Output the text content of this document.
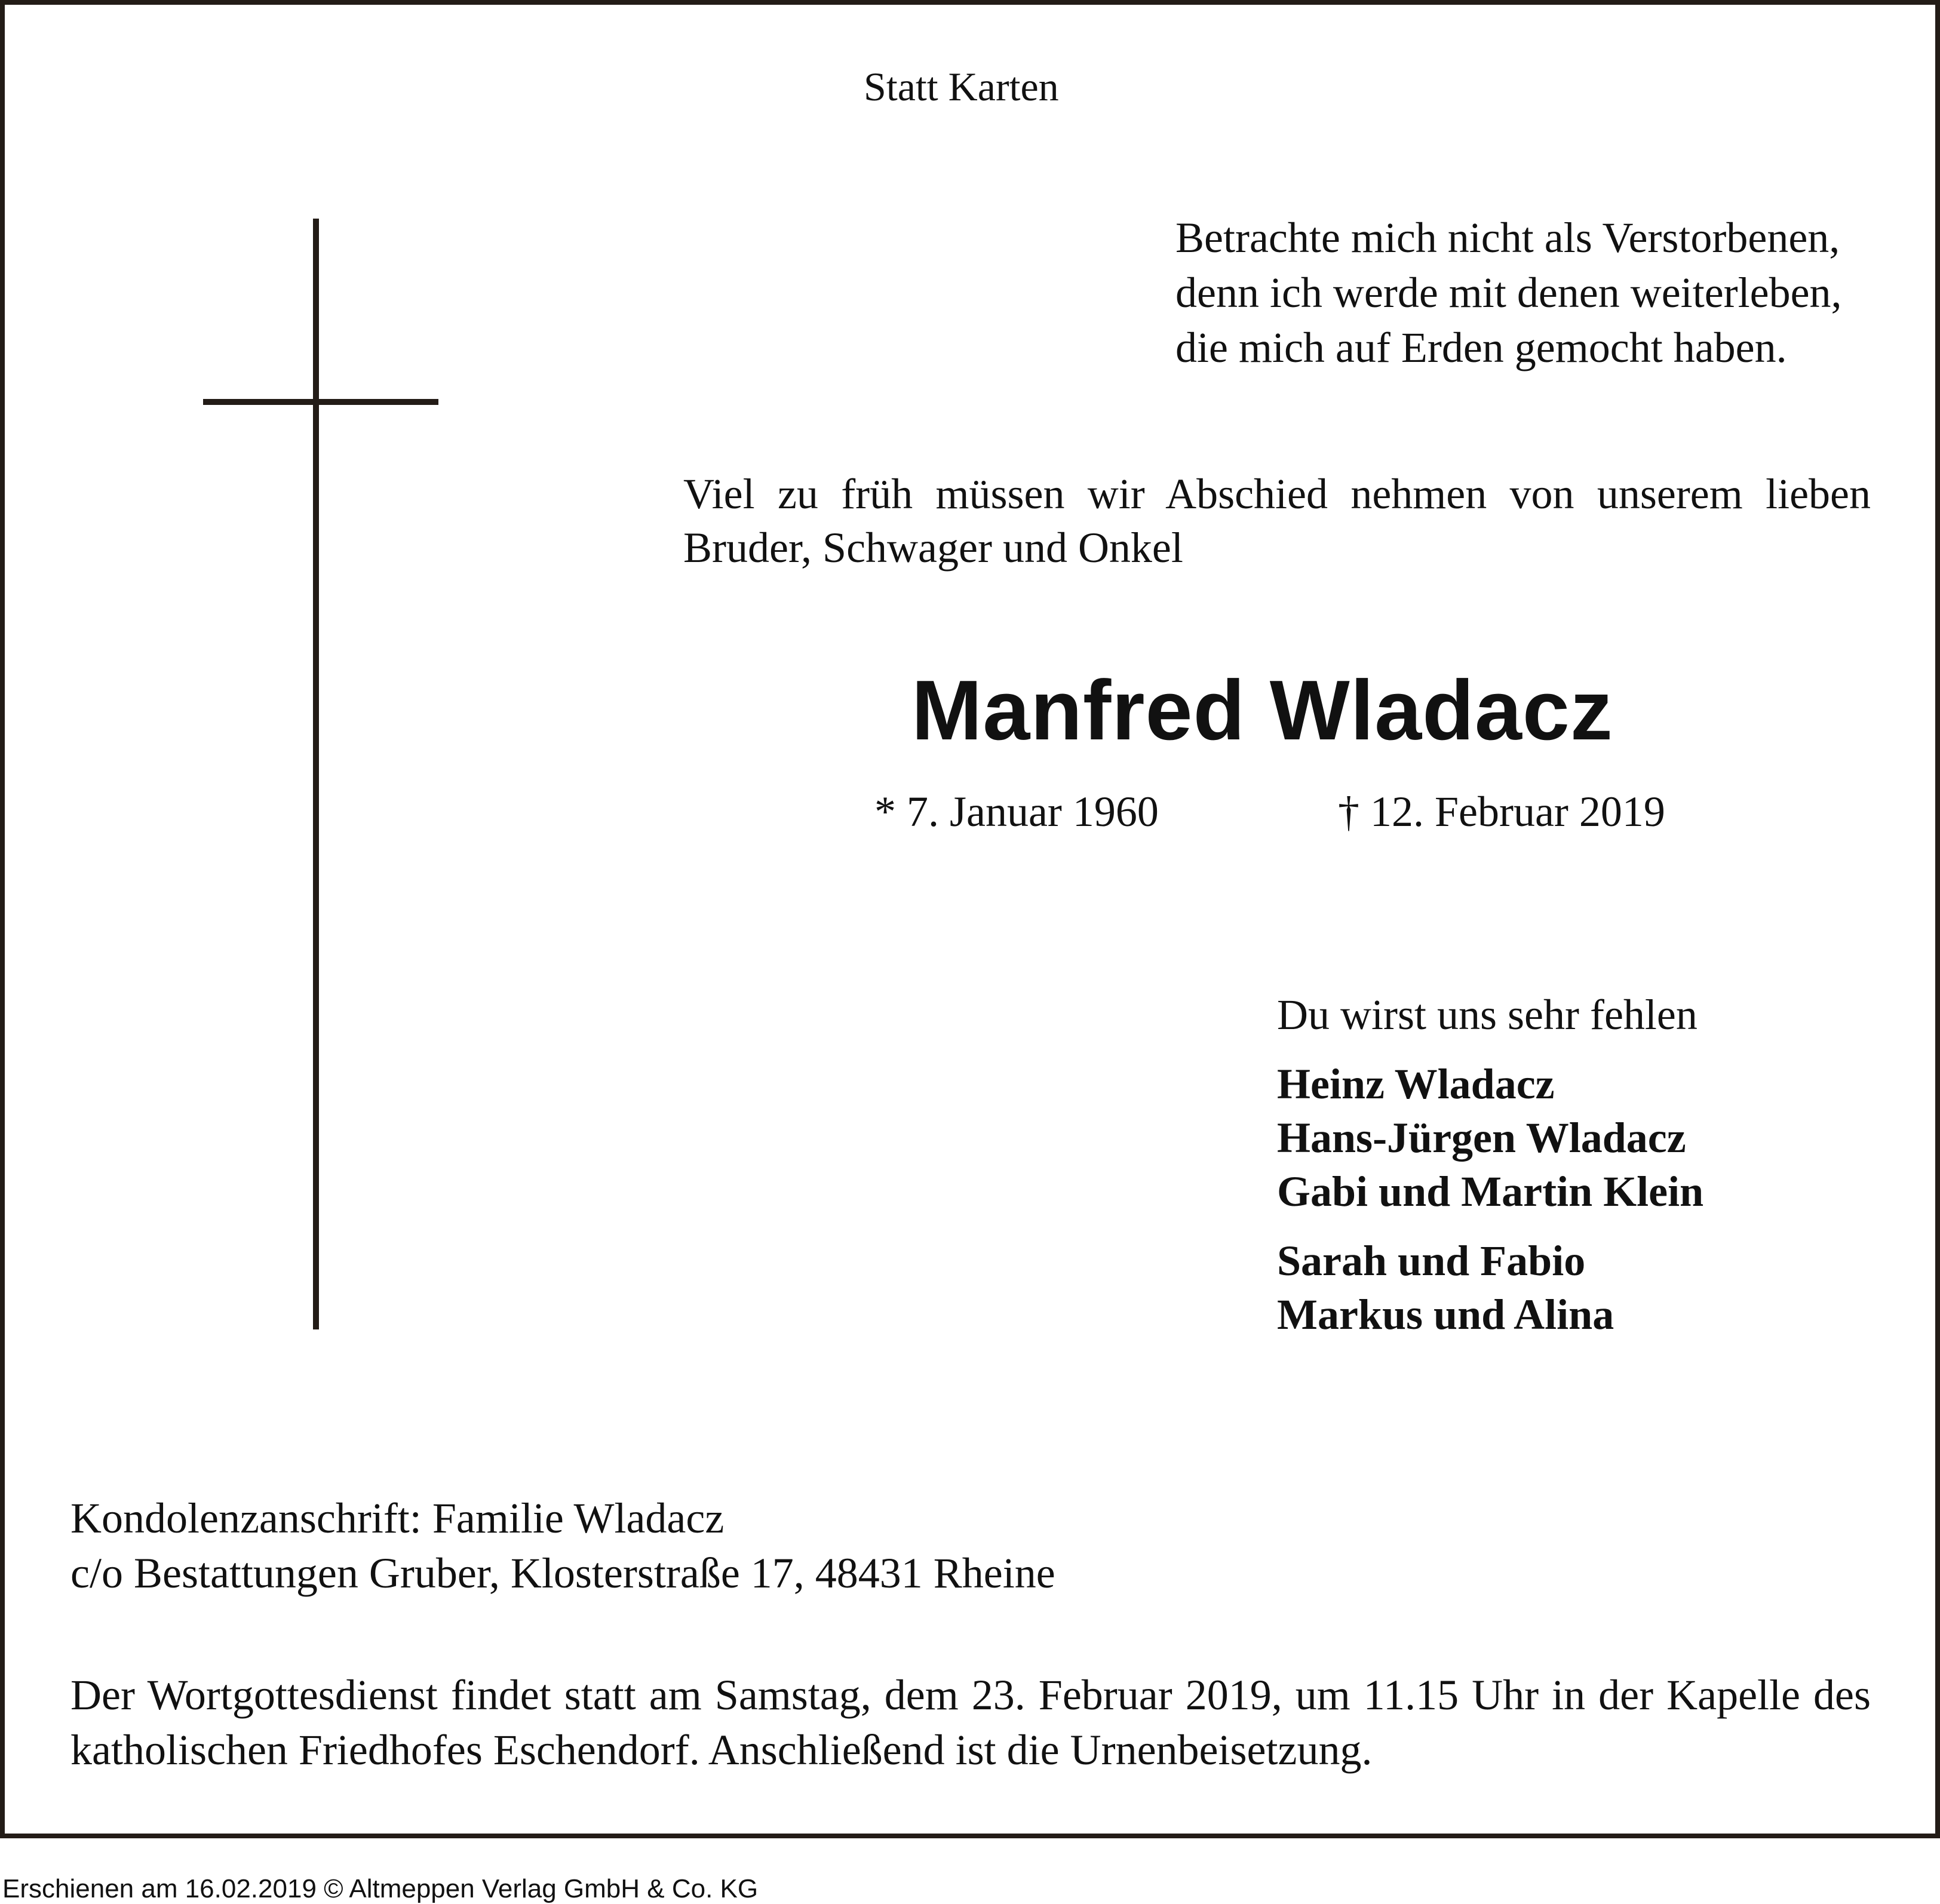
Statt Karten
Betrachte mich nicht als Verstorbenen,
denn ich werde mit denen weiterleben,
die mich auf Erden gemocht haben.
Viel zu früh müssen wir Abschied nehmen von unserem lieben
Bruder, Schwager und Onkel
Manfred Wladacz
* 7. Januar 1960	† 12. Februar 2019
Du wirst uns sehr fehlen
Heinz Wladacz
Hans-Jürgen Wladacz
Gabi und Martin Klein
Sarah und Fabio
Markus und Alina
Kondolenzanschrift: Familie Wladacz
c/o Bestattungen Gruber, Klosterstraße 17, 48431 Rheine
Der Wortgottesdienst findet statt am Samstag, dem 23. Februar 2019, um 11.15 Uhr in der Kapelle des
katholischen Friedhofes Eschendorf. Anschließend ist die Urnenbeisetzung.
Erschienen am 16.02.2019 © Altmeppen Verlag GmbH & Co. KG
